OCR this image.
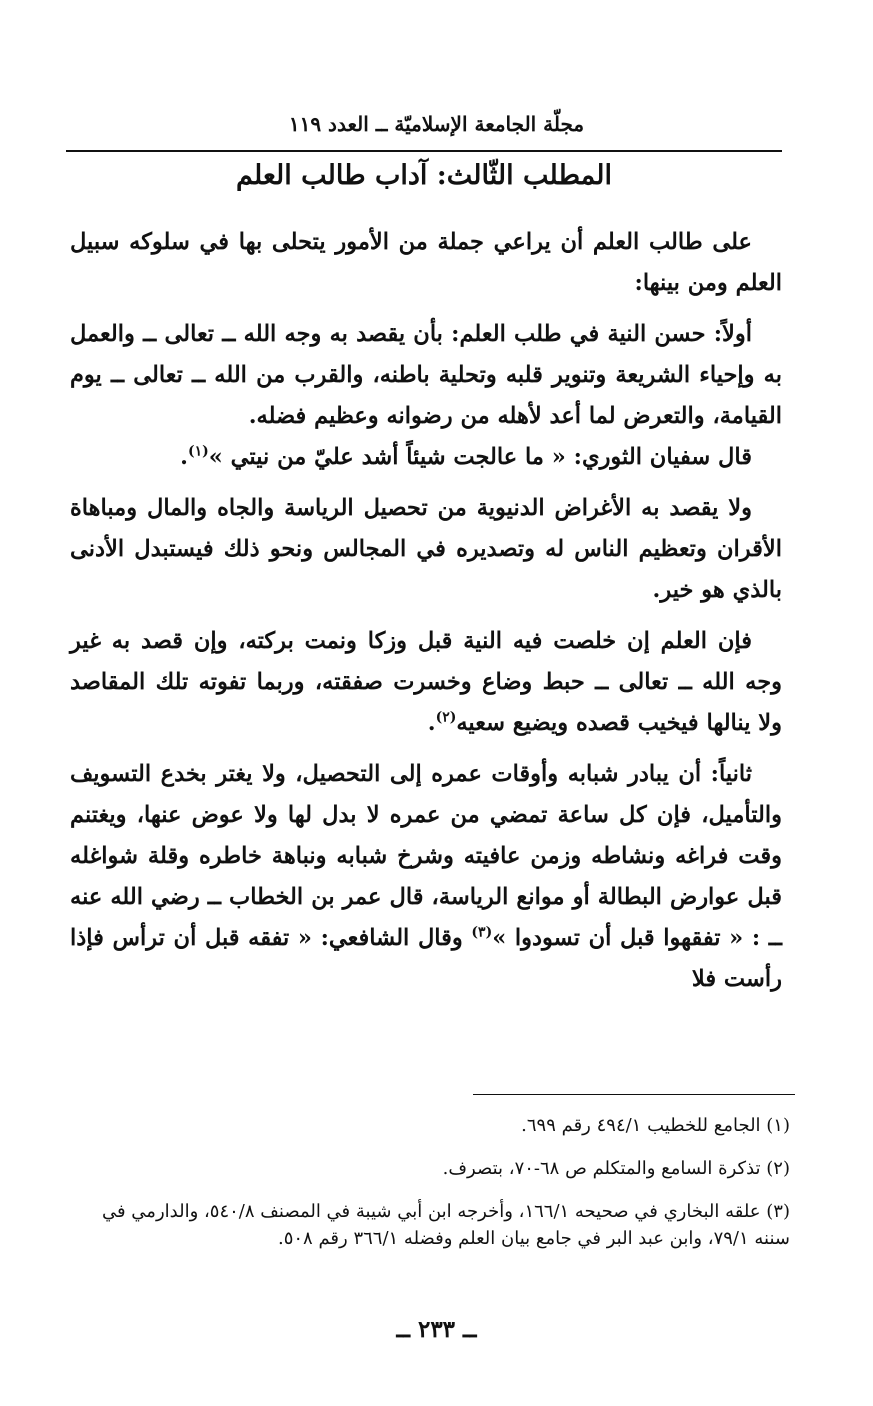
مجلّة الجامعة الإسلاميّة ــ العدد ١١٩
المطلب الثّالث: آداب طالب العلم

على طالب العلم أن يراعي جملة من الأمور يتحلى بها في سلوكه سبيل العلم ومن بينها:

أولاً: حسن النية في طلب العلم: بأن يقصد به وجه الله ــ تعالى ــ والعمل به وإحياء الشريعة وتنوير قلبه وتحلية باطنه، والقرب من الله ــ تعالى ــ يوم القيامة، والتعرض لما أعد لأهله من رضوانه وعظيم فضله.

قال سفيان الثوري: « ما عالجت شيئاً أشد عليّ من نيتي »$^{(١)}$.

ولا يقصد به الأغراض الدنيوية من تحصيل الرياسة والجاه والمال ومباهاة الأقران وتعظيم الناس له وتصديره في المجالس ونحو ذلك فيستبدل الأدنى بالذي هو خير.

فإن العلم إن خلصت فيه النية قبل وزكا ونمت بركته، وإن قصد به غير وجه الله ــ تعالى ــ حبط وضاع وخسرت صفقته، وربما تفوته تلك المقاصد ولا ينالها فيخيب قصده ويضيع سعيه$^{(٢)}$.

ثانياً: أن يبادر شبابه وأوقات عمره إلى التحصيل، ولا يغتر بخدع التسويف والتأميل، فإن كل ساعة تمضي من عمره لا بدل لها ولا عوض عنها، ويغتنم وقت فراغه ونشاطه وزمن عافيته وشرخ شبابه ونباهة خاطره وقلة شواغله قبل عوارض البطالة أو موانع الرياسة، قال عمر بن الخطاب ــ رضي الله عنه ــ : « تفقهوا قبل أن تسودوا »$^{(٣)}$ وقال الشافعي: « تفقه قبل أن ترأس فإذا رأست فلا

(١) الجامع للخطيب ٤٩٤/١ رقم ٦٩٩.

(٢) تذكرة السامع والمتكلم ص ٦٨-٧٠، بتصرف.

(٣) علقه البخاري في صحيحه ١٦٦/١، وأخرجه ابن أبي شيبة في المصنف ٥٤٠/٨، والدارمي في سننه ٧٩/١، وابن عبد البر في جامع بيان العلم وفضله ٣٦٦/١ رقم ٥٠٨.

ــ ٢٣٣ ــ
